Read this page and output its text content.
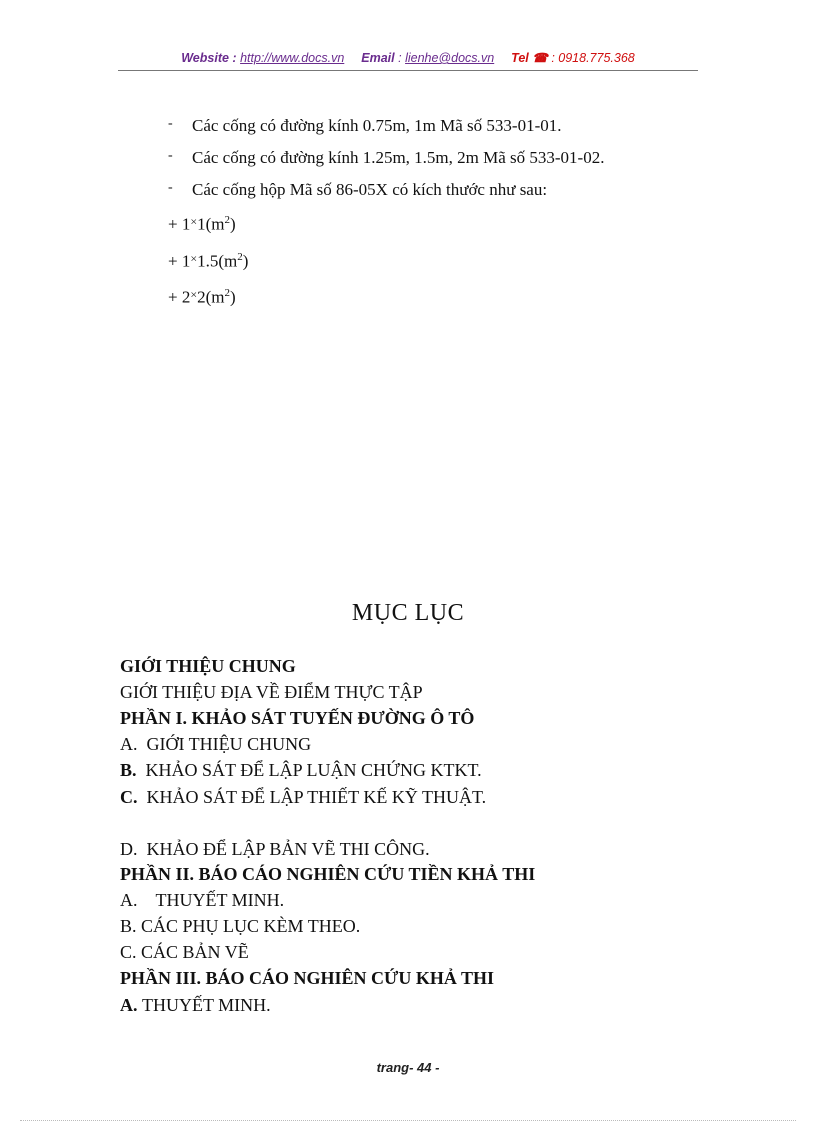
Website : http://www.docs.vn Email : lienhe@docs.vn Tel ☎ : 0918.775.368
- Các cống có đường kính 0.75m, 1m Mã số 533-01-01.
- Các cống có đường kính 1.25m, 1.5m, 2m Mã số 533-01-02.
- Các cống hộp Mã số 86-05X có kích thước như sau:
+ $1^\times 1(m^2)$
+ $1^\times 1.5(m^2)$
+ $2^\times 2(m^2)$
MỤC LỤC
GIỚI THIỆU CHUNG
GIỚI THIỆU ĐỊA VỀ ĐIỂM THỰC TẬP
PHẦN I. KHẢO SÁT TUYẾN ĐƯỜNG Ô TÔ
A. GIỚI THIỆU CHUNG
B. KHẢO SÁT ĐỂ LẬP LUẬN CHỨNG KTKT.
C. KHẢO SÁT ĐỂ LẬP THIẾT KẾ KỸ THUẬT.
D. KHẢO ĐỂ LẬP BẢN VẼ THI CÔNG.
PHẦN II. BÁO CÁO NGHIÊN CỨU TIỀN KHẢ THI
A. THUYẾT MINH.
B. CÁC PHỤ LỤC KÈM THEO.
C. CÁC BẢN VẼ
PHẦN III. BÁO CÁO NGHIÊN CỨU KHẢ THI
A. THUYẾT MINH.
trang- 44 -
